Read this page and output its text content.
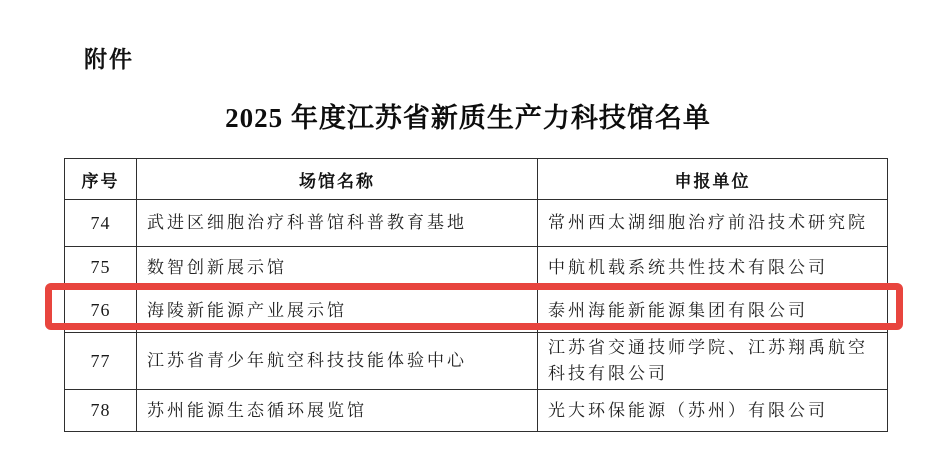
附件
2025 年度江苏省新质生产力科技馆名单
序号	场馆名称	申报单位
74	武进区细胞治疗科普馆科普教育基地	常州西太湖细胞治疗前沿技术研究院
75	数智创新展示馆	中航机载系统共性技术有限公司
76	海陵新能源产业展示馆	泰州海能新能源集团有限公司
77	江苏省青少年航空科技技能体验中心	江苏省交通技师学院、江苏翔禹航空科技有限公司
78	苏州能源生态循环展览馆	光大环保能源（苏州）有限公司
